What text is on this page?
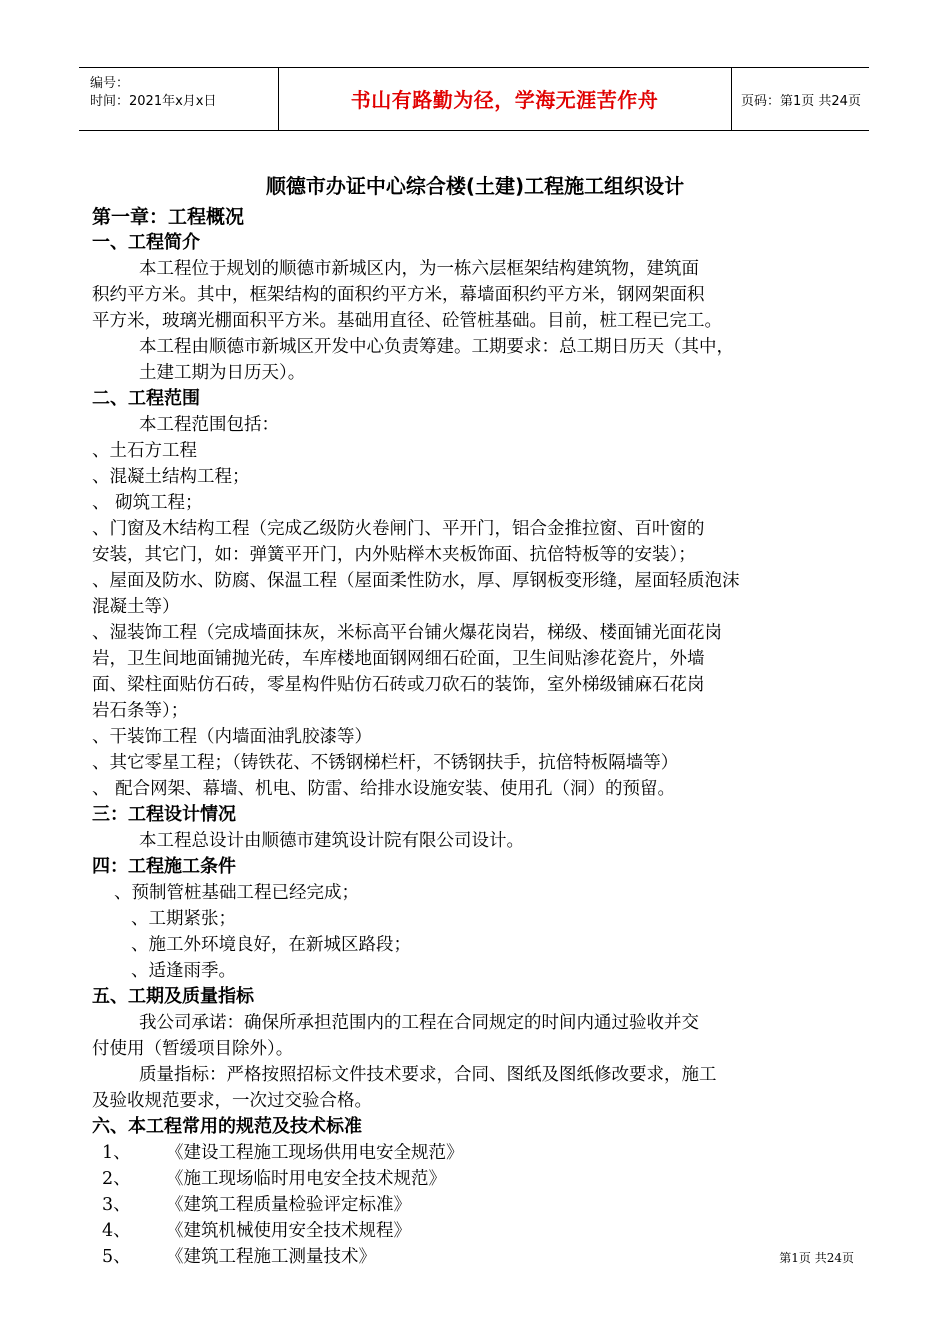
编号：
时间：2021年x月x日	书山有路勤为径，学海无涯苦作舟	页码：第1页 共24页
顺德市办证中心综合楼(土建)工程施工组织设计
第一章：工程概况
一、工程简介
本工程位于规划的顺德市新城区内，为一栋六层框架结构建筑物，建筑面
积约平方米。其中，框架结构的面积约平方米，幕墙面积约平方米，钢网架面积
平方米，玻璃光棚面积平方米。基础用直径、砼管桩基础。目前，桩工程已完工。
本工程由顺德市新城区开发中心负责筹建。工期要求：总工期日历天（其中，
土建工期为日历天）。
二、工程范围
本工程范围包括：
、土石方工程
、混凝土结构工程；
、 砌筑工程；
、门窗及木结构工程（完成乙级防火卷闸门、平开门，铝合金推拉窗、百叶窗的
安装，其它门，如：弹簧平开门，内外贴榉木夹板饰面、抗倍特板等的安装）；
、屋面及防水、防腐、保温工程（屋面柔性防水，厚、厚钢板变形缝，屋面轻质泡沫
混凝土等）
、湿装饰工程（完成墙面抹灰，米标高平台铺火爆花岗岩，梯级、楼面铺光面花岗
岩，卫生间地面铺抛光砖，车库楼地面钢网细石砼面，卫生间贴渗花瓷片，外墙
面、梁柱面贴仿石砖，零星构件贴仿石砖或刀砍石的装饰，室外梯级铺麻石花岗
岩石条等）；
、干装饰工程（内墙面油乳胶漆等）
、其它零星工程；（铸铁花、不锈钢梯栏杆，不锈钢扶手，抗倍特板隔墙等）
、 配合网架、幕墙、机电、防雷、给排水设施安装、使用孔（洞）的预留。
三：工程设计情况
本工程总设计由顺德市建筑设计院有限公司设计。
四：工程施工条件
、预制管桩基础工程已经完成；
、工期紧张；
、施工外环境良好，在新城区路段；
、适逢雨季。
五、工期及质量指标
我公司承诺：确保所承担范围内的工程在合同规定的时间内通过验收并交
付使用（暂缓项目除外）。
质量指标：严格按照招标文件技术要求，合同、图纸及图纸修改要求，施工
及验收规范要求，一次过交验合格。
六、本工程常用的规范及技术标准
1、 《建设工程施工现场供用电安全规范》
2、 《施工现场临时用电安全技术规范》
3、 《建筑工程质量检验评定标准》
4、 《建筑机械使用安全技术规程》
5、 《建筑工程施工测量技术》	第1页 共24页
